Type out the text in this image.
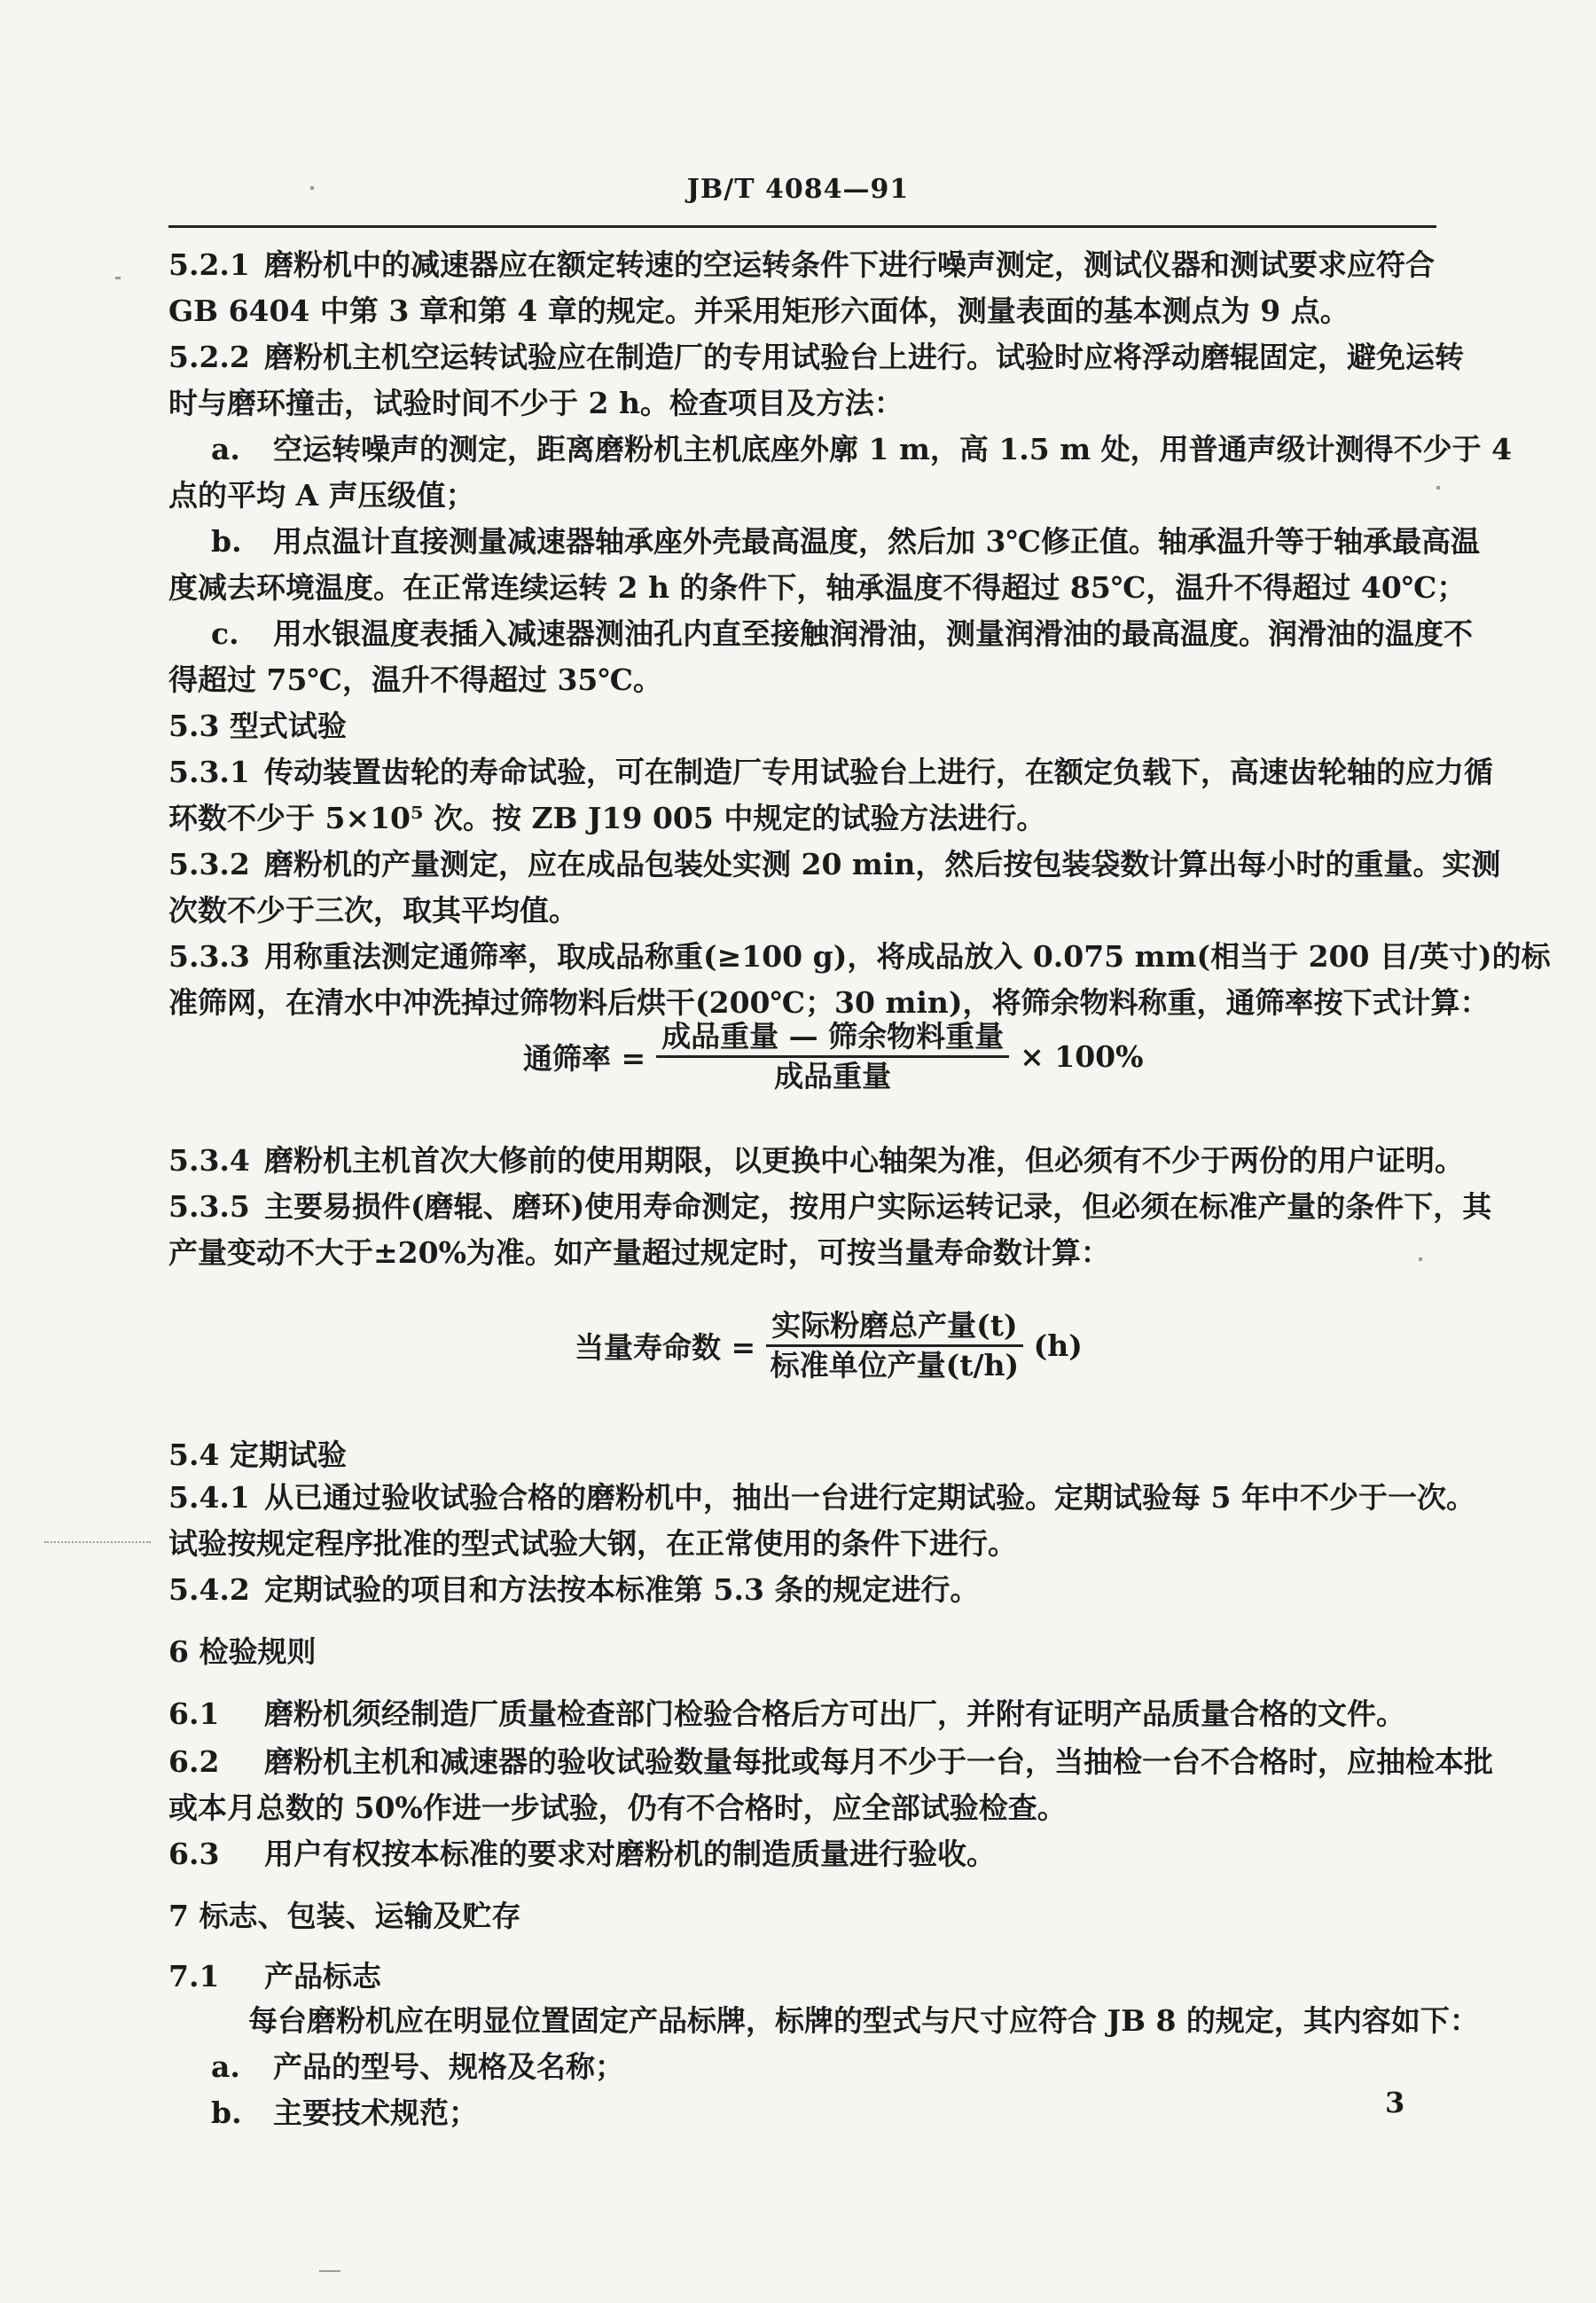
JB/T 4084—91
5.2.1 磨粉机中的减速器应在额定转速的空运转条件下进行噪声测定，测试仪器和测试要求应符合
GB 6404 中第 3 章和第 4 章的规定。并采用矩形六面体，测量表面的基本测点为 9 点。
5.2.2 磨粉机主机空运转试验应在制造厂的专用试验台上进行。试验时应将浮动磨辊固定，避免运转
时与磨环撞击，试验时间不少于 2 h。检查项目及方法：
a. 空运转噪声的测定，距离磨粉机主机底座外廓 1 m，高 1.5 m 处，用普通声级计测得不少于 4
点的平均 A 声压级值；
b. 用点温计直接测量减速器轴承座外壳最高温度，然后加 3℃修正值。轴承温升等于轴承最高温
度减去环境温度。在正常连续运转 2 h 的条件下，轴承温度不得超过 85℃，温升不得超过 40℃；
c. 用水银温度表插入减速器测油孔内直至接触润滑油，测量润滑油的最高温度。润滑油的温度不
得超过 75℃，温升不得超过 35℃。
5.3 型式试验
5.3.1 传动装置齿轮的寿命试验，可在制造厂专用试验台上进行，在额定负载下，高速齿轮轴的应力循
环数不少于 5×10⁵ 次。按 ZB J19 005 中规定的试验方法进行。
5.3.2 磨粉机的产量测定，应在成品包装处实测 20 min，然后按包装袋数计算出每小时的重量。实测
次数不少于三次，取其平均值。
5.3.3 用称重法测定通筛率，取成品称重(≥100 g)，将成品放入 0.075 mm(相当于 200 目/英寸)的标
准筛网，在清水中冲洗掉过筛物料后烘干(200℃；30 min)，将筛余物料称重，通筛率按下式计算：
通筛率 = $\frac{\text{成品重量 — 筛余物料重量}}{\text{成品重量}} \times 100\%$
5.3.4 磨粉机主机首次大修前的使用期限，以更换中心轴架为准，但必须有不少于两份的用户证明。
5.3.5 主要易损件(磨辊、磨环)使用寿命测定，按用户实际运转记录，但必须在标准产量的条件下，其
产量变动不大于±20%为准。如产量超过规定时，可按当量寿命数计算：
当量寿命数 = $\frac{\text{实际粉磨总产量(t)}}{\text{标准单位产量(t/h)}} (h)$
5.4 定期试验
5.4.1 从已通过验收试验合格的磨粉机中，抽出一台进行定期试验。定期试验每 5 年中不少于一次。
试验按规定程序批准的型式试验大钢，在正常使用的条件下进行。
5.4.2 定期试验的项目和方法按本标准第 5.3 条的规定进行。
6 检验规则
6.1 磨粉机须经制造厂质量检查部门检验合格后方可出厂，并附有证明产品质量合格的文件。
6.2 磨粉机主机和减速器的验收试验数量每批或每月不少于一台，当抽检一台不合格时，应抽检本批
或本月总数的 50%作进一步试验，仍有不合格时，应全部试验检查。
6.3 用户有权按本标准的要求对磨粉机的制造质量进行验收。
7 标志、包装、运输及贮存
7.1 产品标志
每台磨粉机应在明显位置固定产品标牌，标牌的型式与尺寸应符合 JB 8 的规定，其内容如下：
a. 产品的型号、规格及名称；
b. 主要技术规范；	3
